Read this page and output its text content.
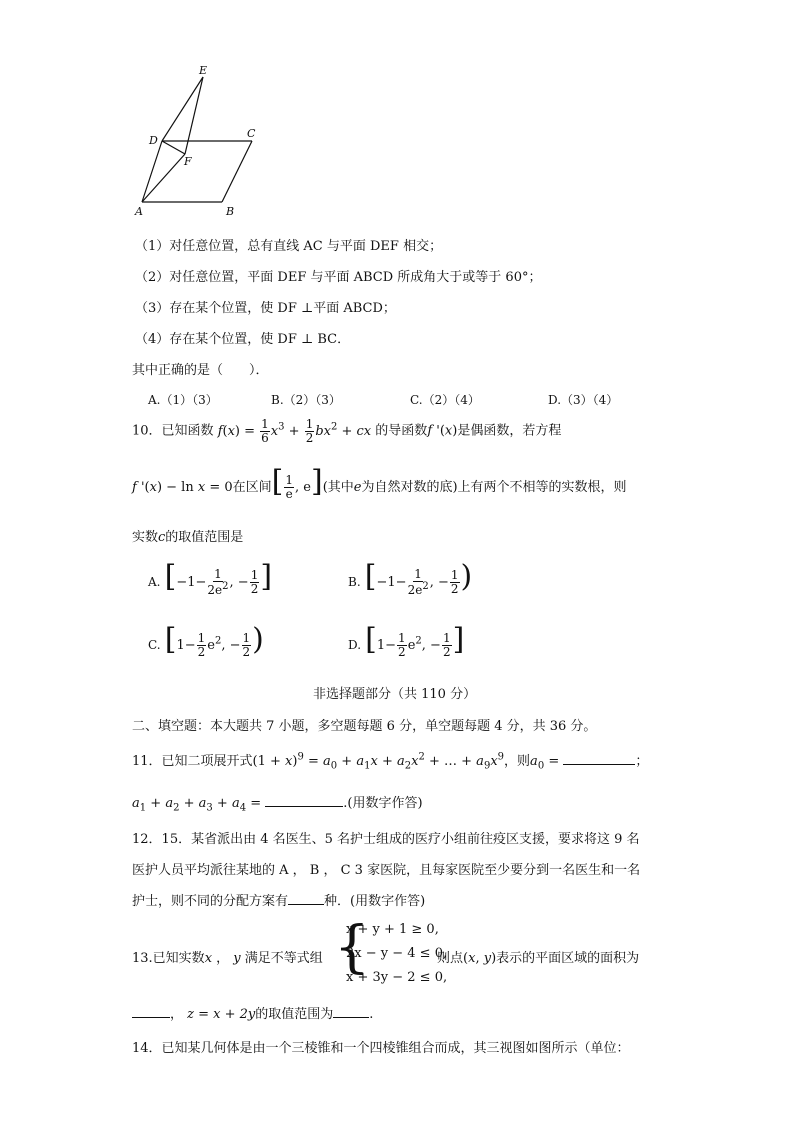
E
D
C
F
A	B
（1）对任意位置，总有直线 AC 与平面 DEF 相交；
（2）对任意位置，平面 DEF 与平面 ABCD 所成角大于或等于 60°；
（3）存在某个位置，使 DF ⊥平面 ABCD；
（4）存在某个位置，使 DF ⊥ BC．
其中正确的是（　　）．
A.（1）（3）	B.（2）（3）	C.（2）（4）	D.（3）（4）
10．已知函数 $f(x) = \frac{1}{6} x^3 + \frac{1}{2} bx^2$ + cx 的导函数f '(x)是偶函数，若方程
f '(x) − ln x = 0在区间[ $\frac{1}{e}$ , e](其中e为自然对数的底)上有两个不相等的实数根，则
实数c的取值范围是
A. [$-1- \frac{1}{2e^2}$ , − $\frac{1}{2}$ ]	B. [$-1- \frac{1}{2e^2}$ , − $\frac{1}{2}$ )
C. [$1- \frac{1}{2} e^2$, − $\frac{1}{2}$ )	D. [$1- \frac{1}{2} e^2$, − $\frac{1}{2}$ ]
非选择题部分（共 110 分）
二、填空题：本大题共 7 小题，多空题每题 6 分，单空题每题 4 分，共 36 分。
11．已知二项展开式$(1 + x)^9 = a_0 + a_1x + a_2x^2$ + … + $a_9x^9$，则$a_0$ =	；
$a_1 + a_2 + a_3 + a_4$ =	.(用数字作答)
12．15．某省派出由 4 名医生、5 名护士组成的医疗小组前往疫区支援，要求将这 9 名
医护人员平均派往某地的 A ， B ， C 3 家医院，且每家医院至少要分到一名医生和一名
护士，则不同的分配方案有	种．(用数字作答)
13.已知实数x ， y 满足不等式组 {
x + y + 1 ≥ 0,
2x − y − 4 ≤ 0,
x + 3y − 2 ≤ 0,
则点(x, y)表示的平面区域的面积为
， z = x + 2y的取值范围为	.
14．已知某几何体是由一个三棱锥和一个四棱锥组合而成，其三视图如图所示（单位：
